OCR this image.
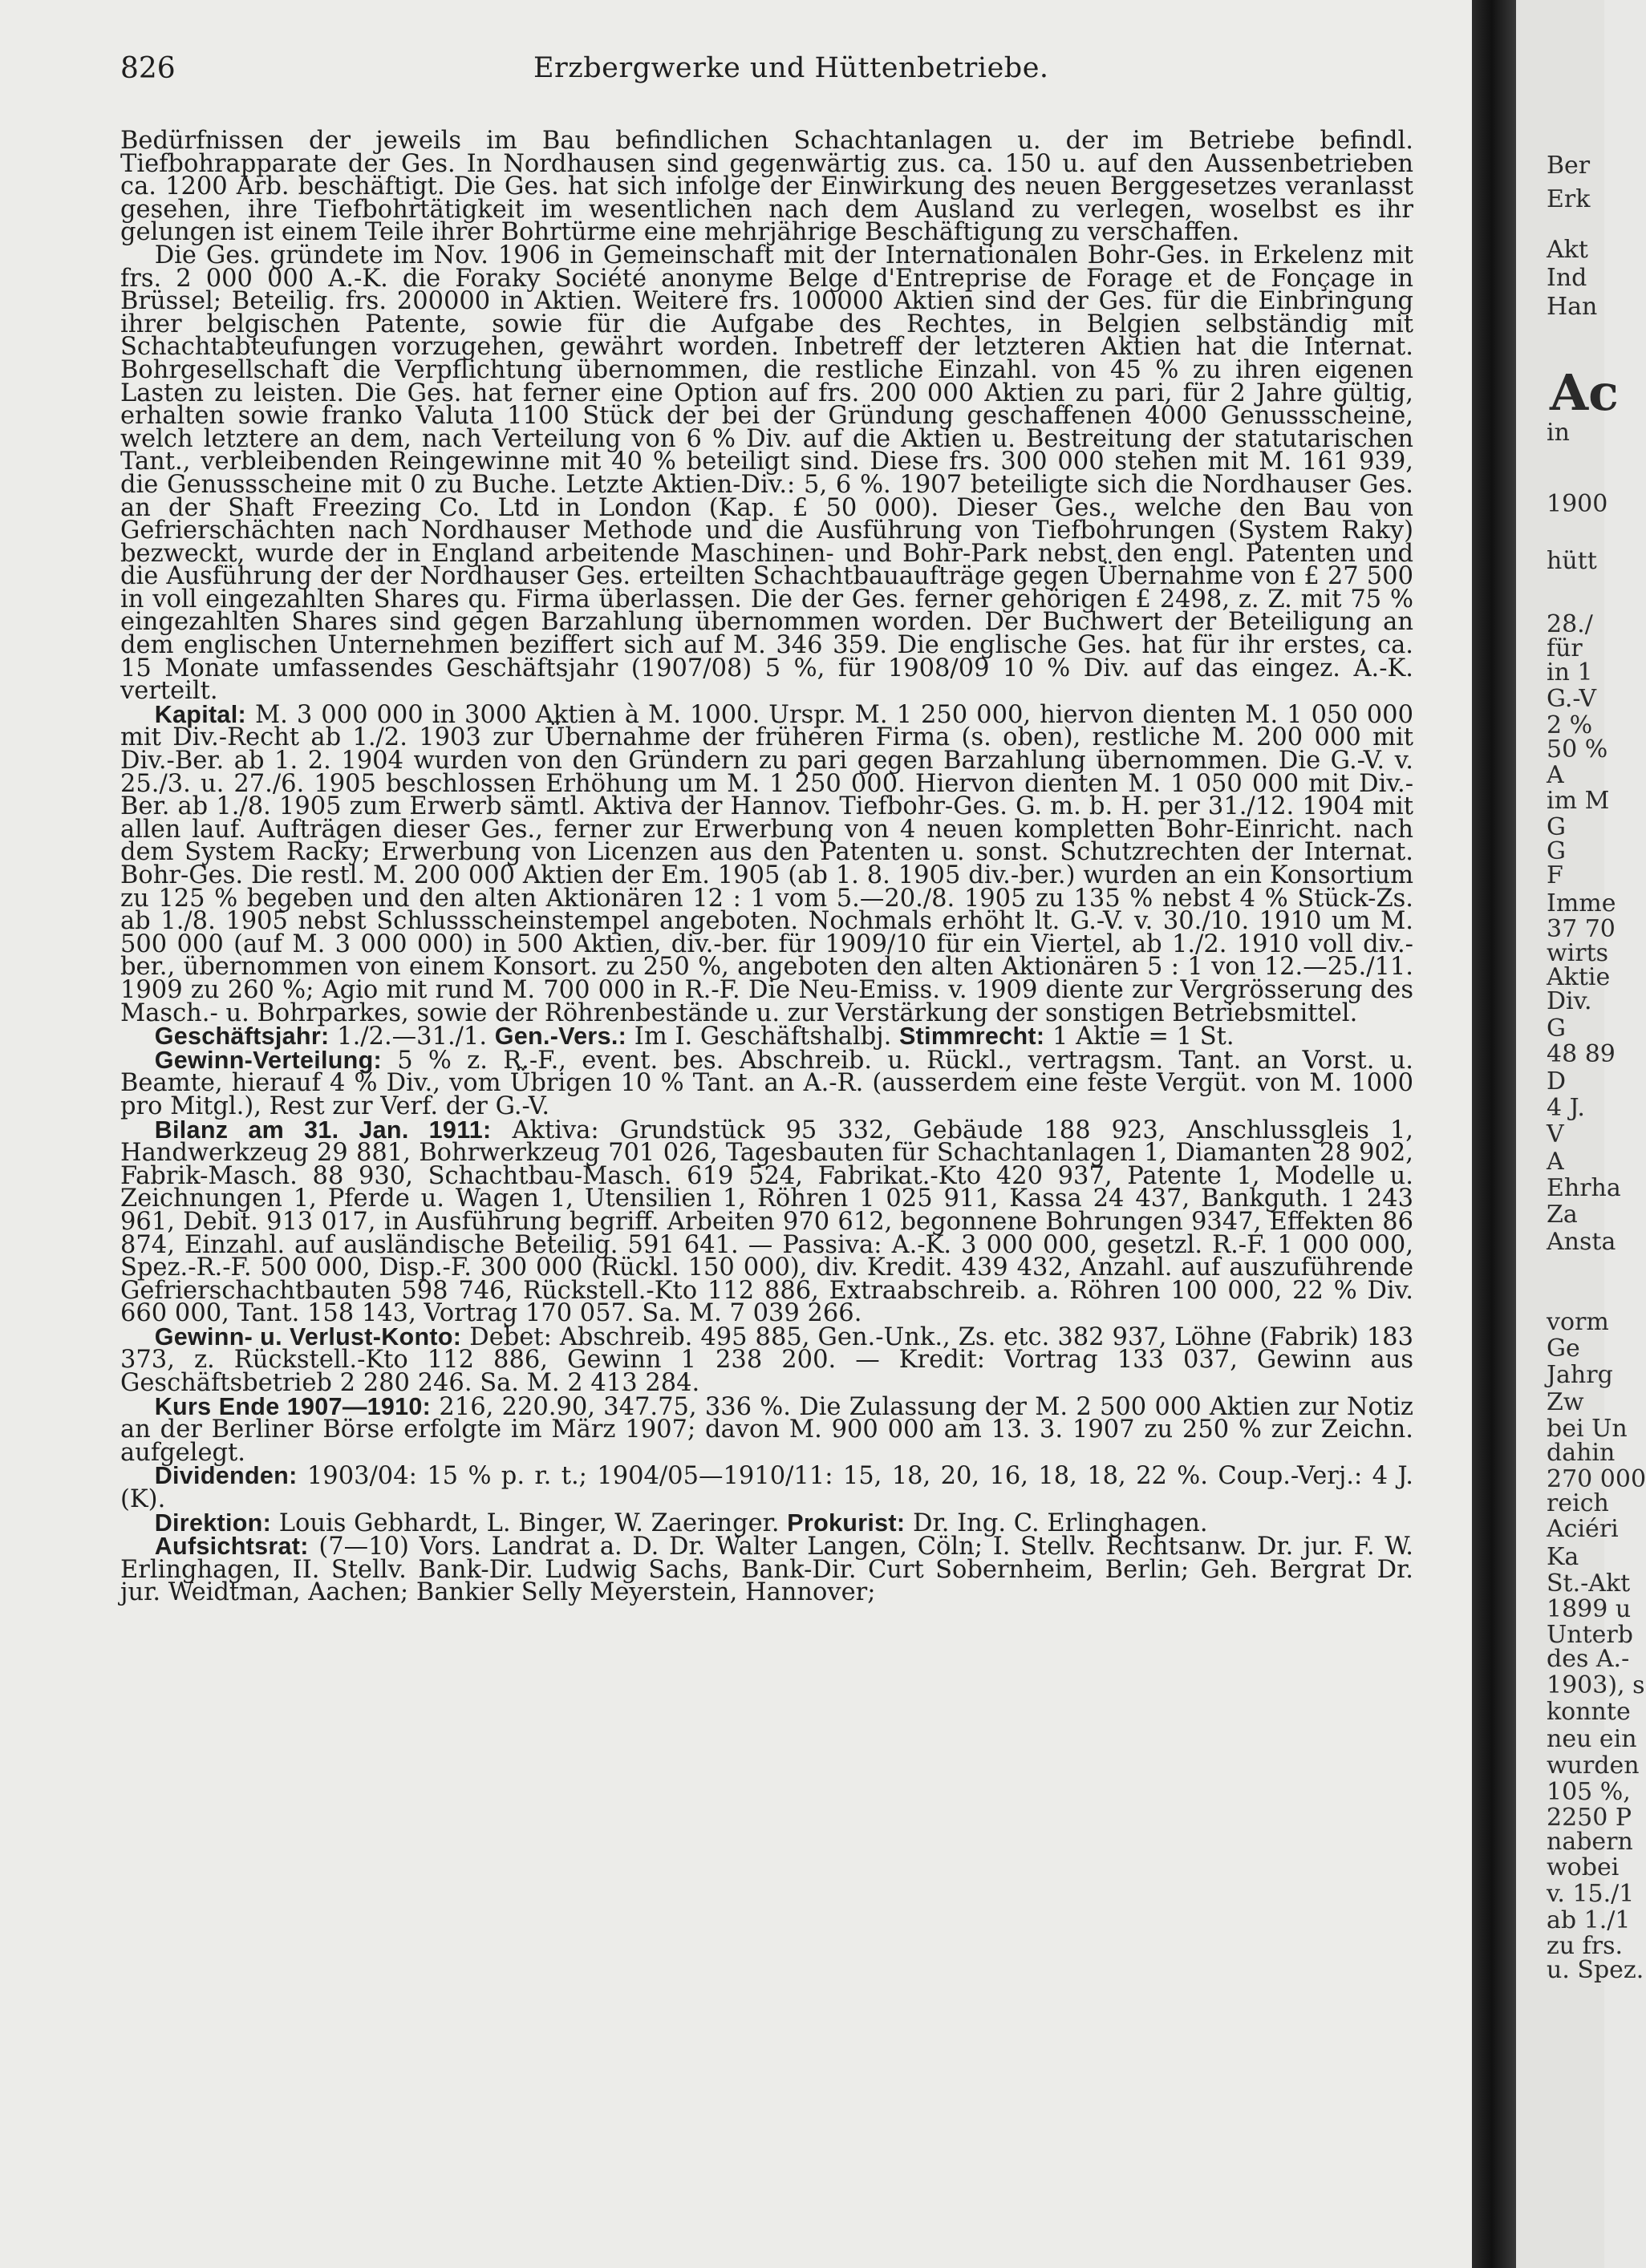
826	Erzbergwerke und Hüttenbetriebe.

Bedürfnissen der jeweils im Bau befindlichen Schachtanlagen u. der im Betriebe befindl. Tiefbohrapparate der Ges. In Nordhausen sind gegenwärtig zus. ca. 150 u. auf den Aussenbetrieben ca. 1200 Arb. beschäftigt. Die Ges. hat sich infolge der Einwirkung des neuen Berggesetzes veranlasst gesehen, ihre Tiefbohrtätigkeit im wesentlichen nach dem Ausland zu verlegen, woselbst es ihr gelungen ist einem Teile ihrer Bohrtürme eine mehrjährige Beschäftigung zu verschaffen.

Die Ges. gründete im Nov. 1906 in Gemeinschaft mit der Internationalen Bohr-Ges. in Erkelenz mit frs. 2 000 000 A.-K. die Foraky Société anonyme Belge d'Entreprise de Forage et de Fonçage in Brüssel; Beteilig. frs. 200000 in Aktien. Weitere frs. 100000 Aktien sind der Ges. für die Einbringung ihrer belgischen Patente, sowie für die Aufgabe des Rechtes, in Belgien selbständig mit Schachtabteufungen vorzugehen, gewährt worden. Inbetreff der letzteren Aktien hat die Internat. Bohrgesellschaft die Verpflichtung übernommen, die restliche Einzahl. von 45 % zu ihren eigenen Lasten zu leisten. Die Ges. hat ferner eine Option auf frs. 200 000 Aktien zu pari, für 2 Jahre gültig, erhalten sowie franko Valuta 1100 Stück der bei der Gründung geschaffenen 4000 Genussscheine, welch letztere an dem, nach Verteilung von 6 % Div. auf die Aktien u. Bestreitung der statutarischen Tant., verbleibenden Reingewinne mit 40 % beteiligt sind. Diese frs. 300 000 stehen mit M. 161 939, die Genussscheine mit 0 zu Buche. Letzte Aktien-Div.: 5, 6 %. 1907 beteiligte sich die Nordhauser Ges. an der Shaft Freezing Co. Ltd in London (Kap. £ 50 000). Dieser Ges., welche den Bau von Gefrierschächten nach Nordhauser Methode und die Ausführung von Tiefbohrungen (System Raky) bezweckt, wurde der in England arbeitende Maschinen- und Bohr-Park nebst den engl. Patenten und die Ausführung der der Nordhauser Ges. erteilten Schachtbauaufträge gegen Übernahme von £ 27 500 in voll eingezahlten Shares qu. Firma überlassen. Die der Ges. ferner gehörigen £ 2498, z. Z. mit 75 % eingezahlten Shares sind gegen Barzahlung übernommen worden. Der Buchwert der Beteiligung an dem englischen Unternehmen beziffert sich auf M. 346 359. Die englische Ges. hat für ihr erstes, ca. 15 Monate umfassendes Geschäftsjahr (1907/08) 5 %, für 1908/09 10 % Div. auf das eingez. A.-K. verteilt.

Kapital: M. 3 000 000 in 3000 Aktien à M. 1000. Urspr. M. 1 250 000, hiervon dienten M. 1 050 000 mit Div.-Recht ab 1./2. 1903 zur Übernahme der früheren Firma (s. oben), restliche M. 200 000 mit Div.-Ber. ab 1. 2. 1904 wurden von den Gründern zu pari gegen Barzahlung übernommen. Die G.-V. v. 25./3. u. 27./6. 1905 beschlossen Erhöhung um M. 1 250 000. Hiervon dienten M. 1 050 000 mit Div.-Ber. ab 1./8. 1905 zum Erwerb sämtl. Aktiva der Hannov. Tiefbohr-Ges. G. m. b. H. per 31./12. 1904 mit allen lauf. Aufträgen dieser Ges., ferner zur Erwerbung von 4 neuen kompletten Bohr-Einricht. nach dem System Racky; Erwerbung von Licenzen aus den Patenten u. sonst. Schutzrechten der Internat. Bohr-Ges. Die restl. M. 200 000 Aktien der Em. 1905 (ab 1. 8. 1905 div.-ber.) wurden an ein Konsortium zu 125 % begeben und den alten Aktionären 12 : 1 vom 5.—20./8. 1905 zu 135 % nebst 4 % Stück-Zs. ab 1./8. 1905 nebst Schlussscheinstempel angeboten. Nochmals erhöht lt. G.-V. v. 30./10. 1910 um M. 500 000 (auf M. 3 000 000) in 500 Aktien, div.-ber. für 1909/10 für ein Viertel, ab 1./2. 1910 voll div.-ber., übernommen von einem Konsort. zu 250 %, angeboten den alten Aktionären 5 : 1 von 12.—25./11. 1909 zu 260 %; Agio mit rund M. 700 000 in R.-F. Die Neu-Emiss. v. 1909 diente zur Vergrösserung des Masch.- u. Bohrparkes, sowie der Röhrenbestände u. zur Verstärkung der sonstigen Betriebsmittel.

Geschäftsjahr: 1./2.—31./1. Gen.-Vers.: Im I. Geschäftshalbj. Stimmrecht: 1 Aktie = 1 St.

Gewinn-Verteilung: 5 % z. R.-F., event. bes. Abschreib. u. Rückl., vertragsm. Tant. an Vorst. u. Beamte, hierauf 4 % Div., vom Übrigen 10 % Tant. an A.-R. (ausserdem eine feste Vergüt. von M. 1000 pro Mitgl.), Rest zur Verf. der G.-V.

Bilanz am 31. Jan. 1911: Aktiva: Grundstück 95 332, Gebäude 188 923, Anschlussgleis 1, Handwerkzeug 29 881, Bohrwerkzeug 701 026, Tagesbauten für Schachtanlagen 1, Diamanten 28 902, Fabrik-Masch. 88 930, Schachtbau-Masch. 619 524, Fabrikat.-Kto 420 937, Patente 1, Modelle u. Zeichnungen 1, Pferde u. Wagen 1, Utensilien 1, Röhren 1 025 911, Kassa 24 437, Bankguth. 1 243 961, Debit. 913 017, in Ausführung begriff. Arbeiten 970 612, begonnene Bohrungen 9347, Effekten 86 874, Einzahl. auf ausländische Beteilig. 591 641. — Passiva: A.-K. 3 000 000, gesetzl. R.-F. 1 000 000, Spez.-R.-F. 500 000, Disp.-F. 300 000 (Rückl. 150 000), div. Kredit. 439 432, Anzahl. auf auszuführende Gefrierschachtbauten 598 746, Rückstell.-Kto 112 886, Extraabschreib. a. Röhren 100 000, 22 % Div. 660 000, Tant. 158 143, Vortrag 170 057. Sa. M. 7 039 266.

Gewinn- u. Verlust-Konto: Debet: Abschreib. 495 885, Gen.-Unk., Zs. etc. 382 937, Löhne (Fabrik) 183 373, z. Rückstell.-Kto 112 886, Gewinn 1 238 200. — Kredit: Vortrag 133 037, Gewinn aus Geschäftsbetrieb 2 280 246. Sa. M. 2 413 284.

Kurs Ende 1907—1910: 216, 220.90, 347.75, 336 %. Die Zulassung der M. 2 500 000 Aktien zur Notiz an der Berliner Börse erfolgte im März 1907; davon M. 900 000 am 13. 3. 1907 zu 250 % zur Zeichn. aufgelegt.

Dividenden: 1903/04: 15 % p. r. t.; 1904/05—1910/11: 15, 18, 20, 16, 18, 18, 22 %. Coup.-Verj.: 4 J. (K).

Direktion: Louis Gebhardt, L. Binger, W. Zaeringer. Prokurist: Dr. Ing. C. Erlinghagen.

Aufsichtsrat: (7—10) Vors. Landrat a. D. Dr. Walter Langen, Cöln; I. Stellv. Rechtsanw. Dr. jur. F. W. Erlinghagen, II. Stellv. Bank-Dir. Ludwig Sachs, Bank-Dir. Curt Sobernheim, Berlin; Geh. Bergrat Dr. jur. Weidtman, Aachen; Bankier Selly Meyerstein, Hannover;

Ber
Erk
Akt
Ind
Han
Ac
in
1900
hütt
28./
für
in 1
G.-V
2 %
50 %
A
im M
G
G
F
Imme
37 70
wirts
Aktie
Div.
G
48 89
D
4 J.
V
A
Ehrha
Za
Ansta
vorm
Ge
Jahrg
Zw
bei Un
dahin
270 000
reich
Aciéri
Ka
St.-Akt
1899 u
Unterb
des A.-
1903), s
konnte
neu ein
wurden
105 %,
2250 P
nabern
wobei
v. 15./1
ab 1./1
zu frs.
u. Spez.
